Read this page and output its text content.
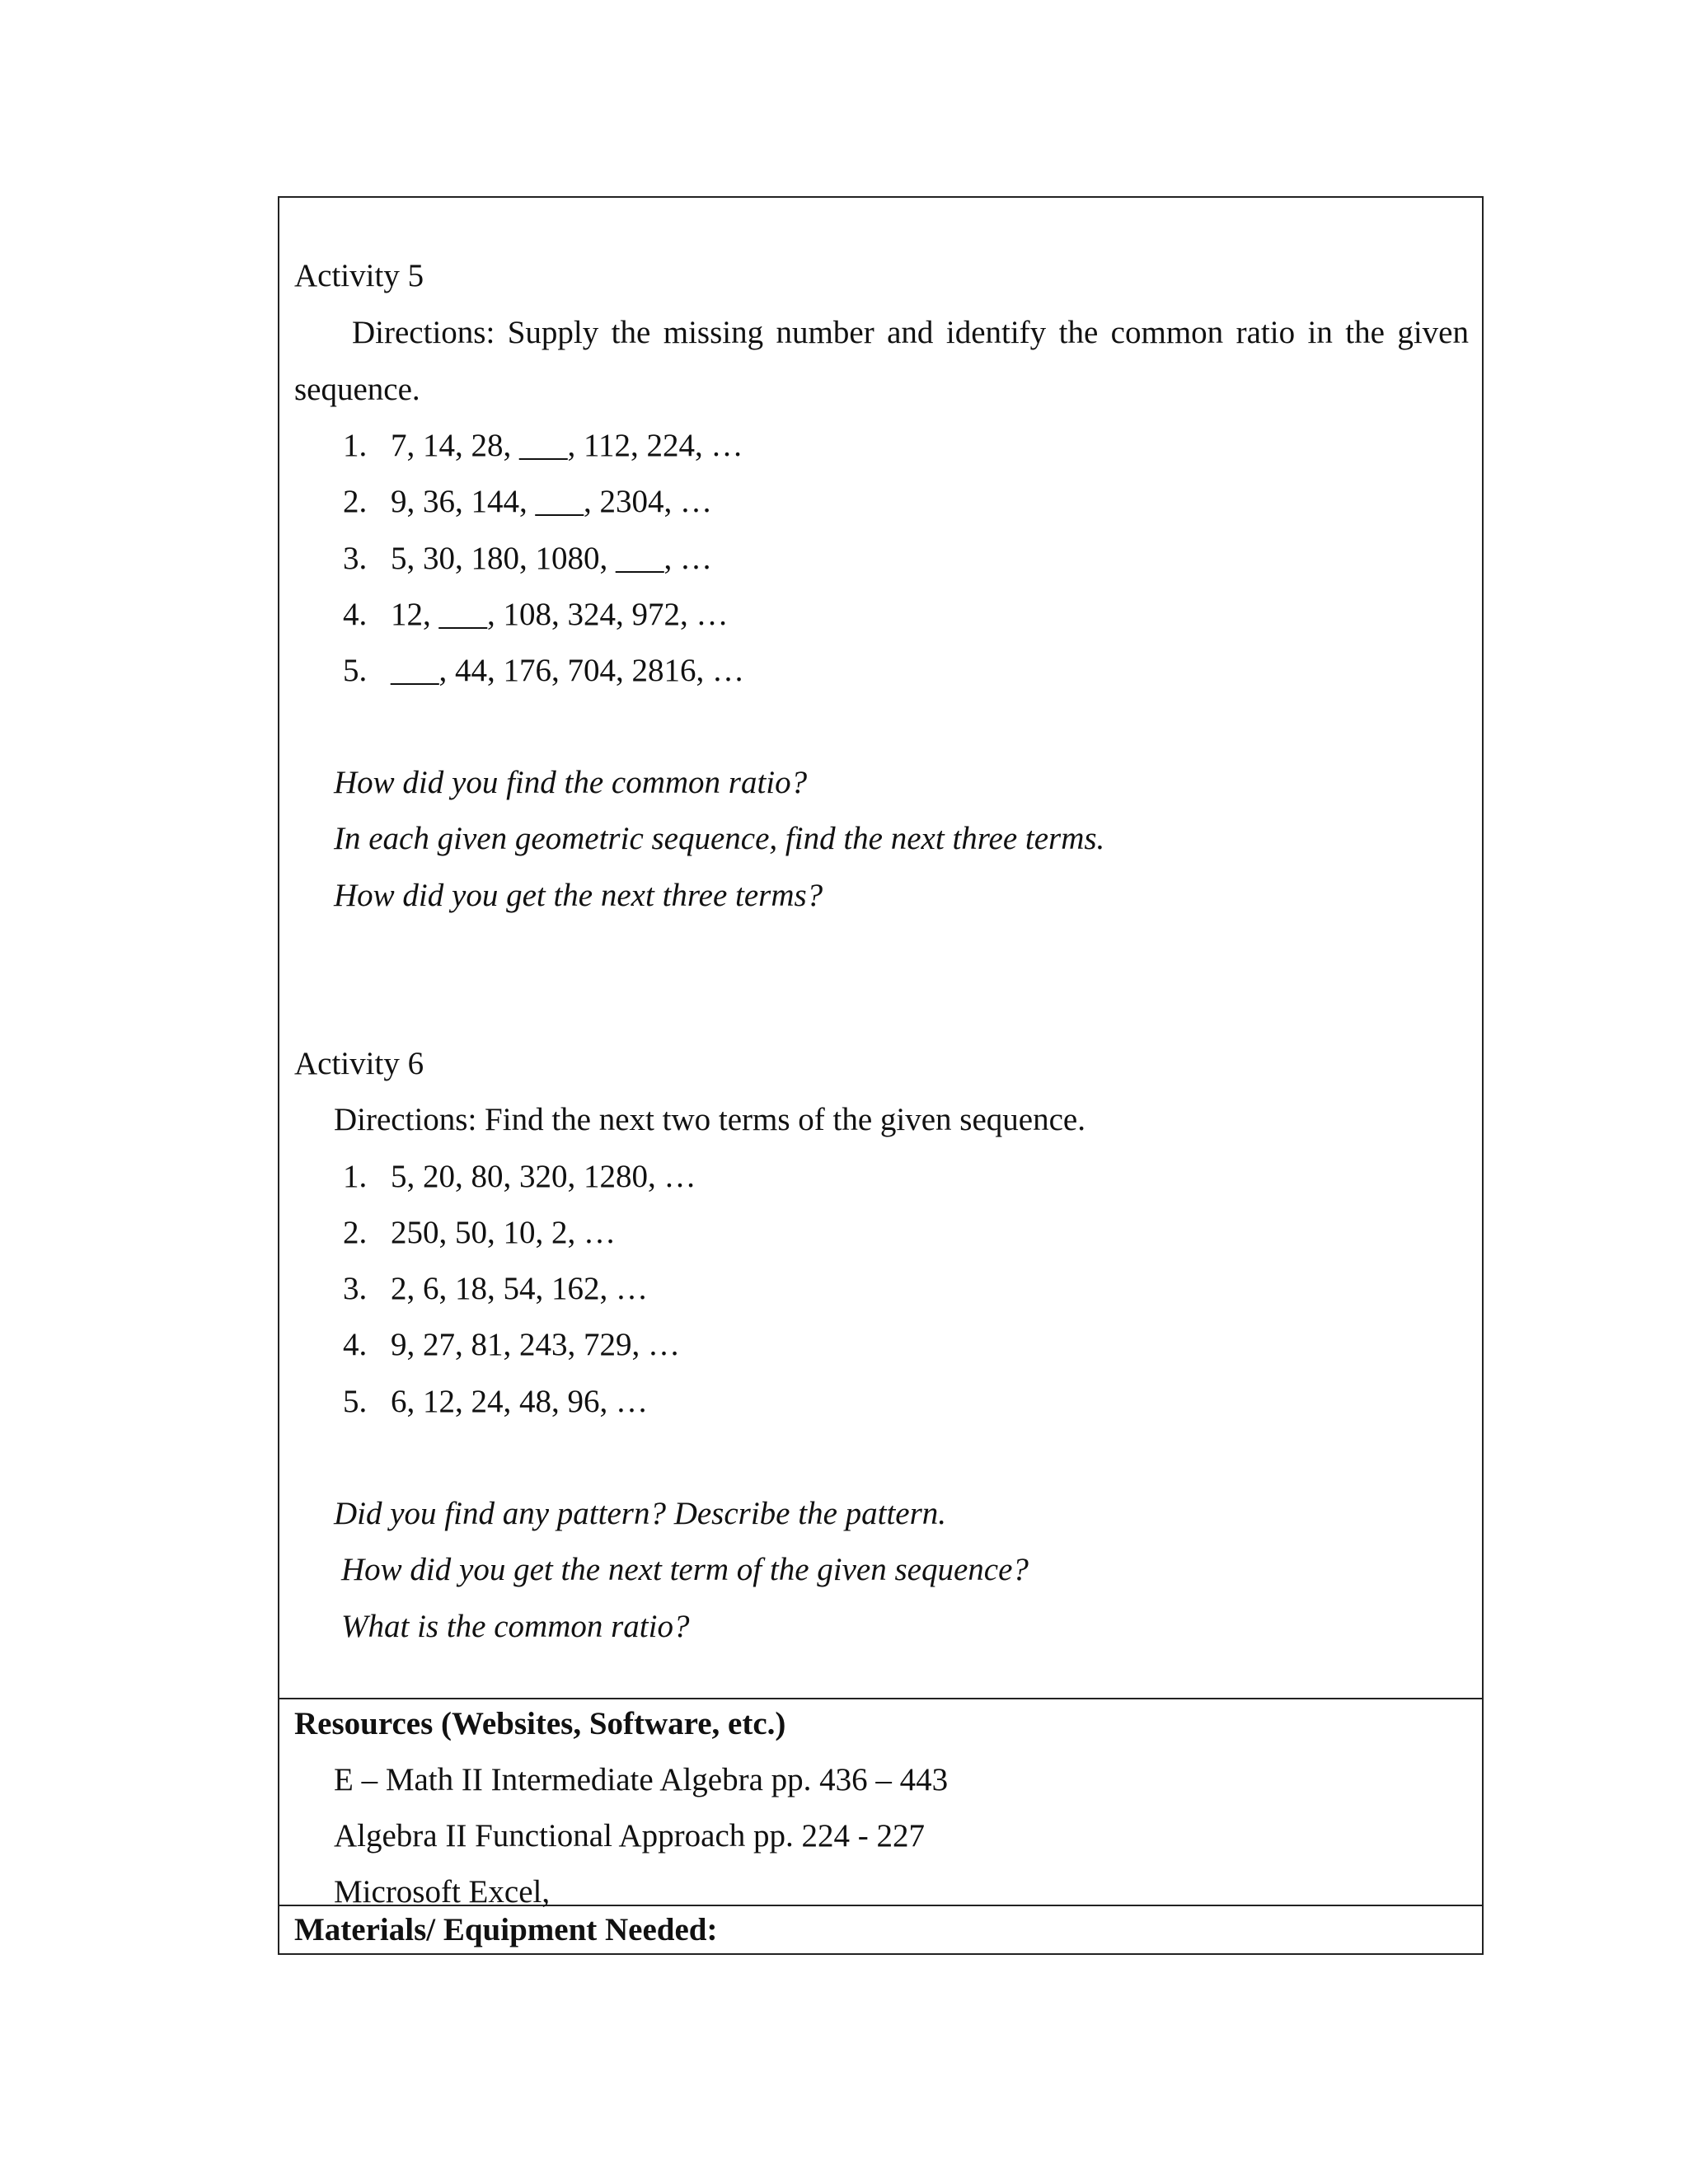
Activity 5
Directions: Supply the missing number and identify the common ratio in the given
sequence.
1. 7, 14, 28, ___, 112, 224, …
2. 9, 36, 144, ___, 2304, …
3. 5, 30, 180, 1080, ___, …
4. 12, ___, 108, 324, 972, …
5. ___, 44, 176, 704, 2816, …
How did you find the common ratio?
In each given geometric sequence, find the next three terms.
How did you get the next three terms?
Activity 6
Directions: Find the next two terms of the given sequence.
1. 5, 20, 80, 320, 1280, …
2. 250, 50, 10, 2, …
3. 2, 6, 18, 54, 162, …
4. 9, 27, 81, 243, 729, …
5. 6, 12, 24, 48, 96, …
Did you find any pattern? Describe the pattern.
How did you get the next term of the given sequence?
What is the common ratio?
Resources (Websites, Software, etc.)
E – Math II Intermediate Algebra pp. 436 – 443
Algebra II Functional Approach pp. 224 - 227
Microsoft Excel,
Materials/ Equipment Needed:
